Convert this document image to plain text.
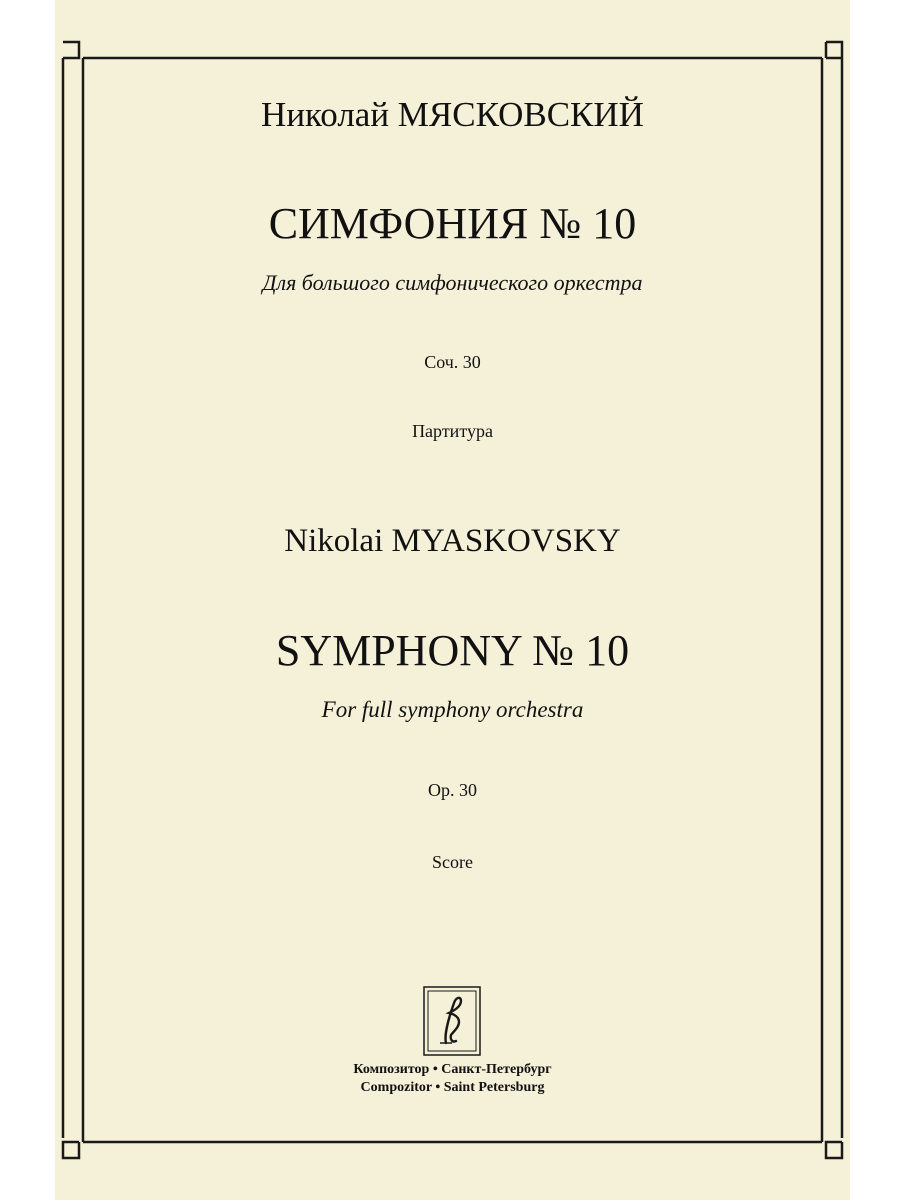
Николай МЯСКОВСКИЙ
СИМФОНИЯ № 10
Для большого симфонического оркестра
Соч. 30
Партитура
Nikolai MYASKOVSKY
SYMPHONY № 10
For full symphony orchestra
Op. 30
Score
Композитор • Санкт-Петербург
Compozitor • Saint Petersburg
